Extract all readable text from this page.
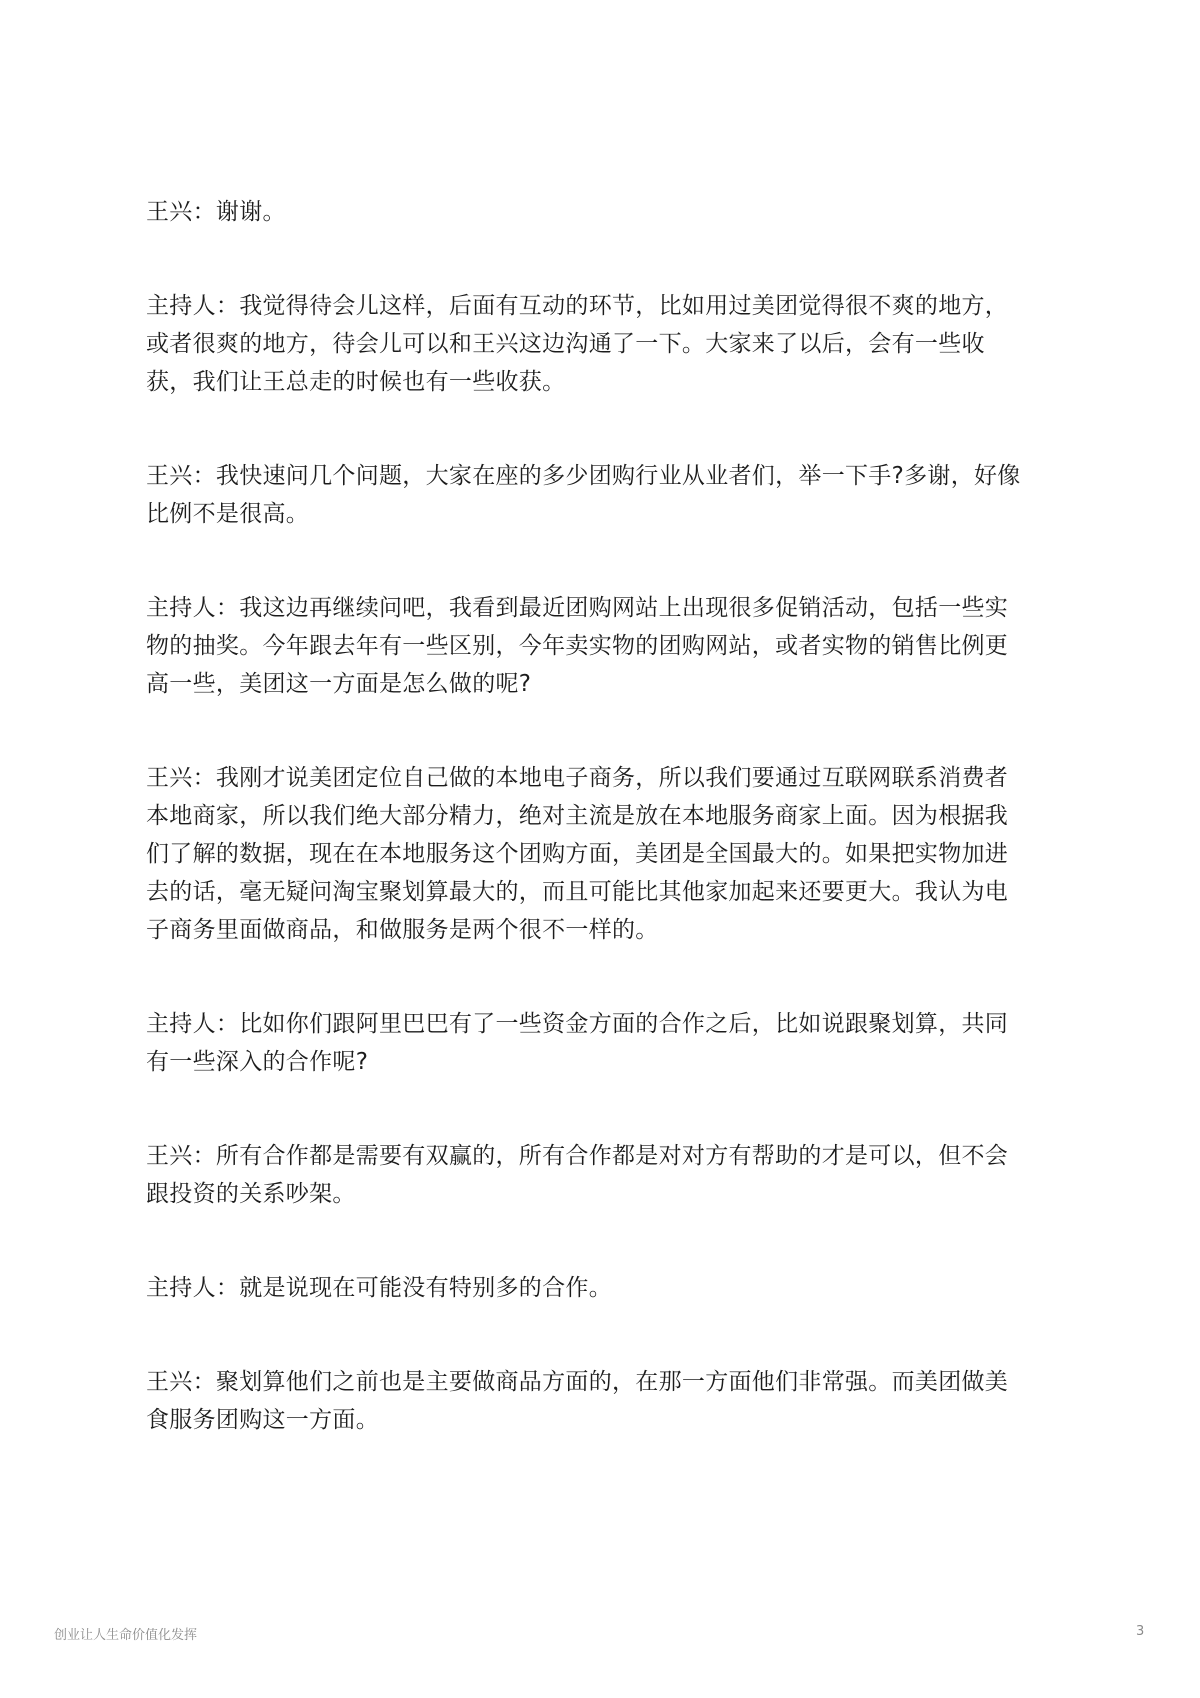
王兴：谢谢。
主持人：我觉得待会儿这样，后面有互动的环节，比如用过美团觉得很不爽的地方，
或者很爽的地方，待会儿可以和王兴这边沟通了一下。大家来了以后，会有一些收
获，我们让王总走的时候也有一些收获。
王兴：我快速问几个问题，大家在座的多少团购行业从业者们，举一下手?多谢，好像
比例不是很高。
主持人：我这边再继续问吧，我看到最近团购网站上出现很多促销活动，包括一些实
物的抽奖。今年跟去年有一些区别，今年卖实物的团购网站，或者实物的销售比例更
高一些，美团这一方面是怎么做的呢?
王兴：我刚才说美团定位自己做的本地电子商务，所以我们要通过互联网联系消费者
本地商家，所以我们绝大部分精力，绝对主流是放在本地服务商家上面。因为根据我
们了解的数据，现在在本地服务这个团购方面，美团是全国最大的。如果把实物加进
去的话，毫无疑问淘宝聚划算最大的，而且可能比其他家加起来还要更大。我认为电
子商务里面做商品，和做服务是两个很不一样的。
主持人：比如你们跟阿里巴巴有了一些资金方面的合作之后，比如说跟聚划算，共同
有一些深入的合作呢?
王兴：所有合作都是需要有双赢的，所有合作都是对对方有帮助的才是可以，但不会
跟投资的关系吵架。
主持人：就是说现在可能没有特别多的合作。
王兴：聚划算他们之前也是主要做商品方面的，在那一方面他们非常强。而美团做美
食服务团购这一方面。
创业让人生命价值化发挥	3
